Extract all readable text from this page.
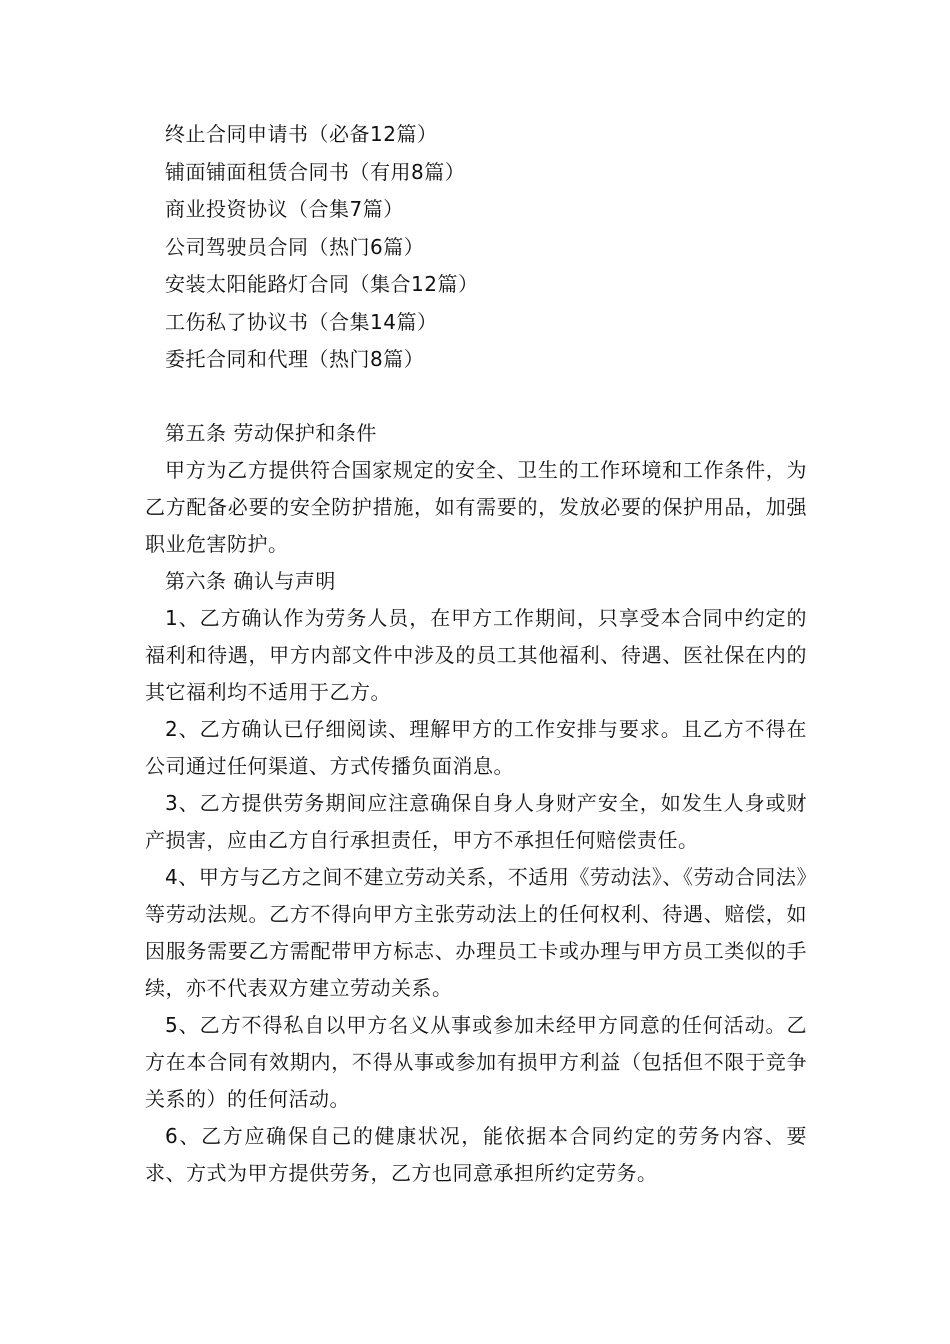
终止合同申请书（必备12篇）
铺面铺面租赁合同书（有用8篇）
商业投资协议（合集7篇）
公司驾驶员合同（热门6篇）
安装太阳能路灯合同（集合12篇）
工伤私了协议书（合集14篇）
委托合同和代理（热门8篇）
第五条 劳动保护和条件

甲方为乙方提供符合国家规定的安全、卫生的工作环境和工作条件，为乙方配备必要的安全防护措施，如有需要的，发放必要的保护用品，加强职业危害防护。

第六条 确认与声明

1、乙方确认作为劳务人员，在甲方工作期间，只享受本合同中约定的福利和待遇，甲方内部文件中涉及的员工其他福利、待遇、医社保在内的其它福利均不适用于乙方。

2、乙方确认已仔细阅读、理解甲方的工作安排与要求。且乙方不得在公司通过任何渠道、方式传播负面消息。

3、乙方提供劳务期间应注意确保自身人身财产安全，如发生人身或财产损害，应由乙方自行承担责任，甲方不承担任何赔偿责任。

4、甲方与乙方之间不建立劳动关系，不适用《劳动法》、《劳动合同法》等劳动法规。乙方不得向甲方主张劳动法上的任何权利、待遇、赔偿，如因服务需要乙方需配带甲方标志、办理员工卡或办理与甲方员工类似的手续，亦不代表双方建立劳动关系。

5、乙方不得私自以甲方名义从事或参加未经甲方同意的任何活动。乙方在本合同有效期内，不得从事或参加有损甲方利益（包括但不限于竞争关系的）的任何活动。

6、乙方应确保自己的健康状况，能依据本合同约定的劳务内容、要求、方式为甲方提供劳务，乙方也同意承担所约定劳务。
